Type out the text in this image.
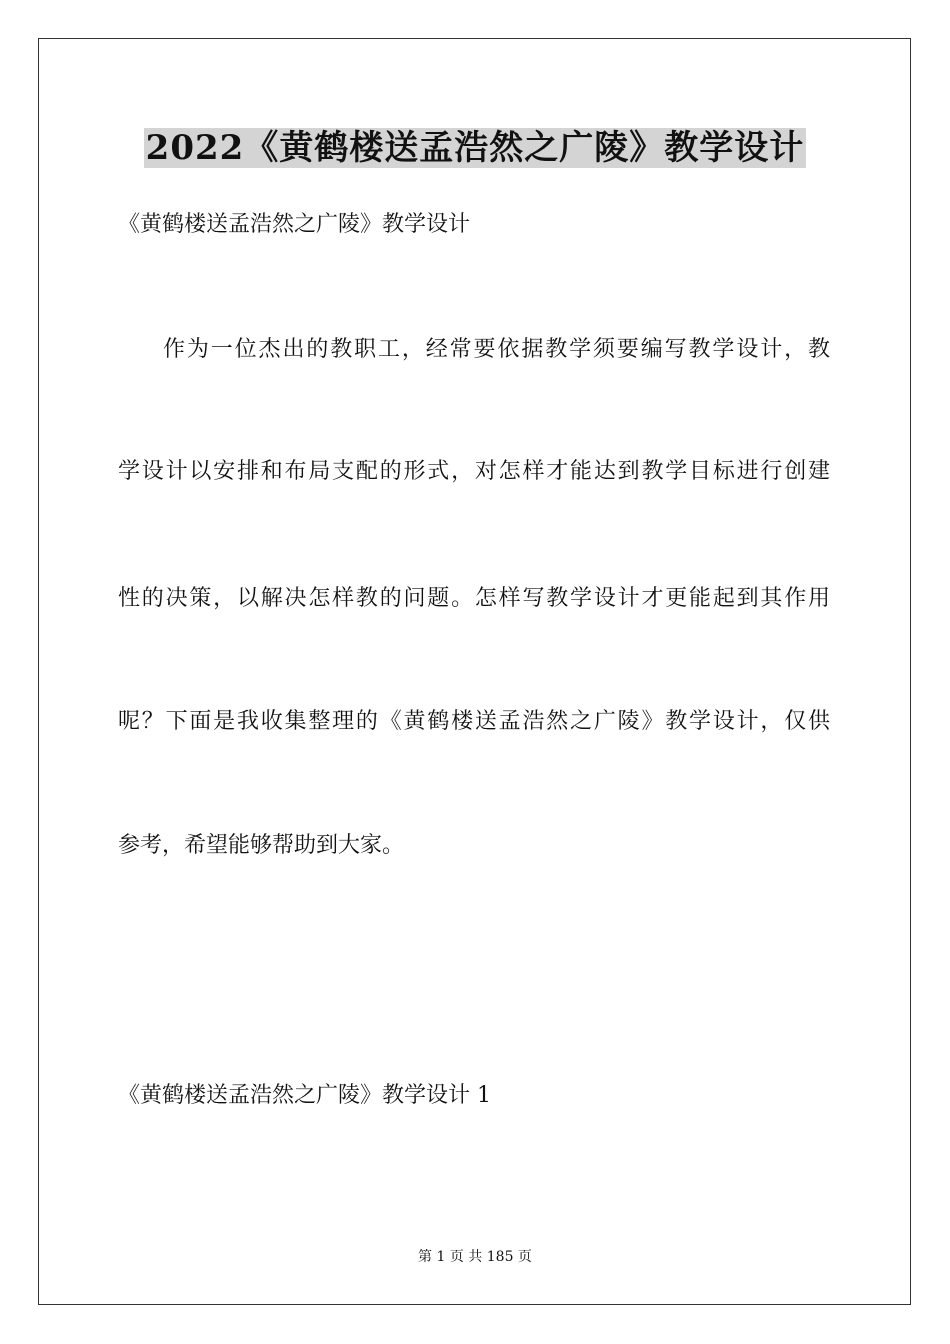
2022《黄鹤楼送孟浩然之广陵》教学设计

《黄鹤楼送孟浩然之广陵》教学设计

作为一位杰出的教职工，经常要依据教学须要编写教学设计，教

学设计以安排和布局支配的形式，对怎样才能达到教学目标进行创建

性的决策，以解决怎样教的问题。怎样写教学设计才更能起到其作用

呢？下面是我收集整理的《黄鹤楼送孟浩然之广陵》教学设计，仅供

参考，希望能够帮助到大家。

《黄鹤楼送孟浩然之广陵》教学设计 1

第 1 页 共 185 页
